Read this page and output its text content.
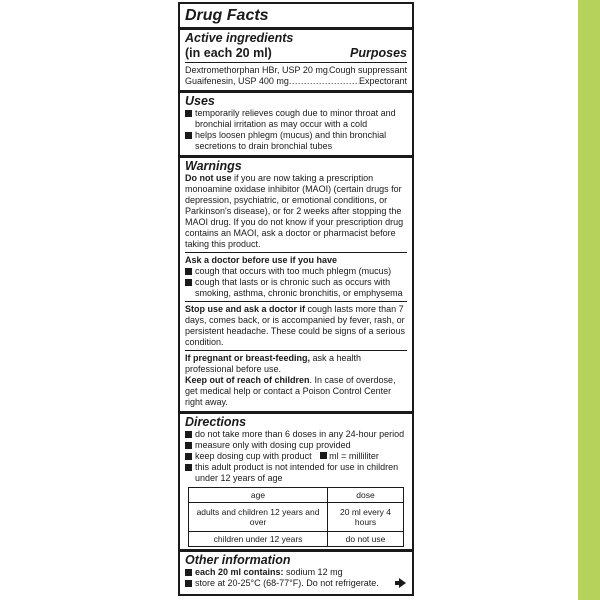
Drug Facts
Active ingredients
(in each 20 ml)	Purposes
Dextromethorphan HBr, USP 20 mg ..... Cough suppressant
Guaifenesin, USP 400 mg .....	Expectorant
Uses
temporarily relieves cough due to minor throat and bronchial irritation as may occur with a cold
helps loosen phlegm (mucus) and thin bronchial secretions to drain bronchial tubes
Warnings
Do not use if you are now taking a prescription monoamine oxidase inhibitor (MAOI) (certain drugs for depression, psychiatric, or emotional conditions, or Parkinson's disease), or for 2 weeks after stopping the MAOI drug. If you do not know if your prescription drug contains an MAOI, ask a doctor or pharmacist before taking this product.
Ask a doctor before use if you have
cough that occurs with too much phlegm (mucus)
cough that lasts or is chronic such as occurs with smoking, asthma, chronic bronchitis, or emphysema
Stop use and ask a doctor if cough lasts more than 7 days, comes back, or is accompanied by fever, rash, or persistent headache. These could be signs of a serious condition.
If pregnant or breast-feeding, ask a health professional before use.
Keep out of reach of children. In case of overdose, get medical help or contact a Poison Control Center right away.
Directions
do not take more than 6 doses in any 24-hour period
measure only with dosing cup provided
keep dosing cup with product ml = milliliter
this adult product is not intended for use in children under 12 years of age
age	dose
adults and children 12 years and over	20 ml every 4 hours
children under 12 years	do not use
Other information
each 20 ml contains: sodium 12 mg
store at 20-25°C (68-77°F). Do not refrigerate.
